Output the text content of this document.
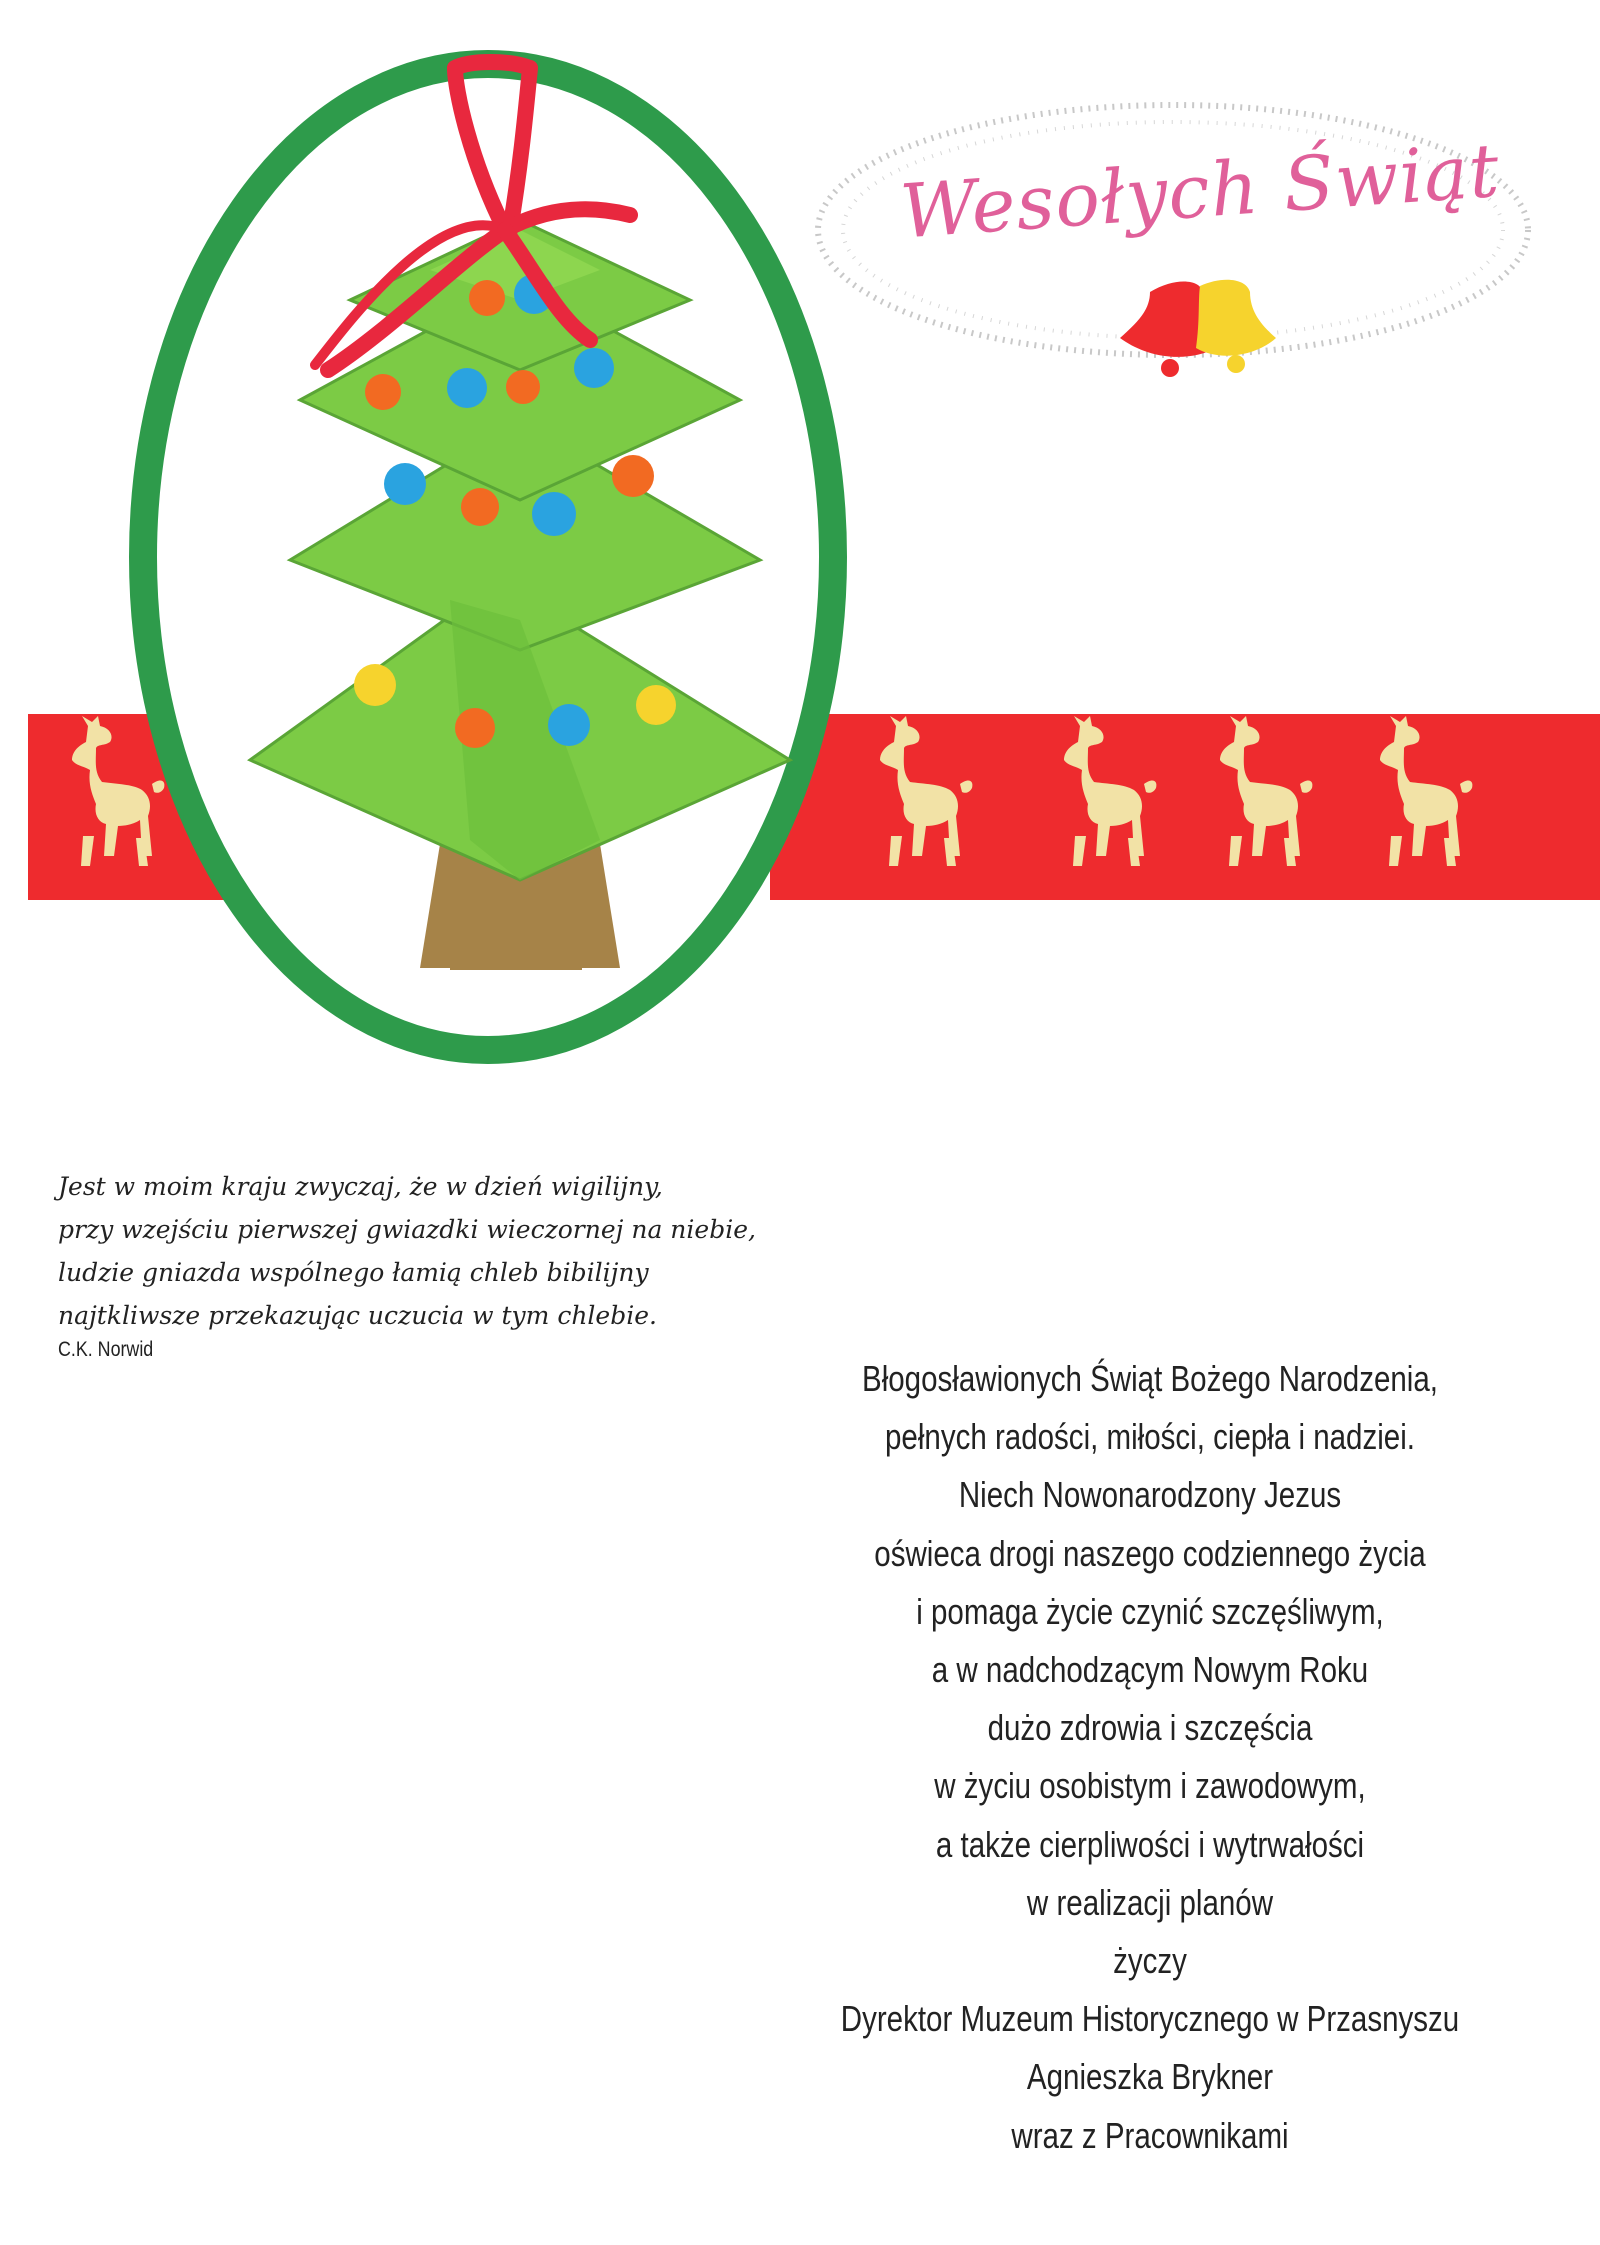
Wesołych Świąt

Jest w moim kraju zwyczaj, że w dzień wigilijny,

przy wzejściu pierwszej gwiazdki wieczornej na niebie,

ludzie gniazda wspólnego łamią chleb bibilijny

najtkliwsze przekazując uczucia w tym chlebie.

C.K. Norwid

Błogosławionych Świąt Bożego Narodzenia,

pełnych radości, miłości, ciepła i nadziei.

Niech Nowonarodzony Jezus

oświeca drogi naszego codziennego życia

i pomaga życie czynić szczęśliwym,

a w nadchodzącym Nowym Roku

dużo zdrowia i szczęścia

w życiu osobistym i zawodowym,

a także cierpliwości i wytrwałości

w realizacji planów

życzy

Dyrektor Muzeum Historycznego w Przasnyszu

Agnieszka Brykner

wraz z Pracownikami
